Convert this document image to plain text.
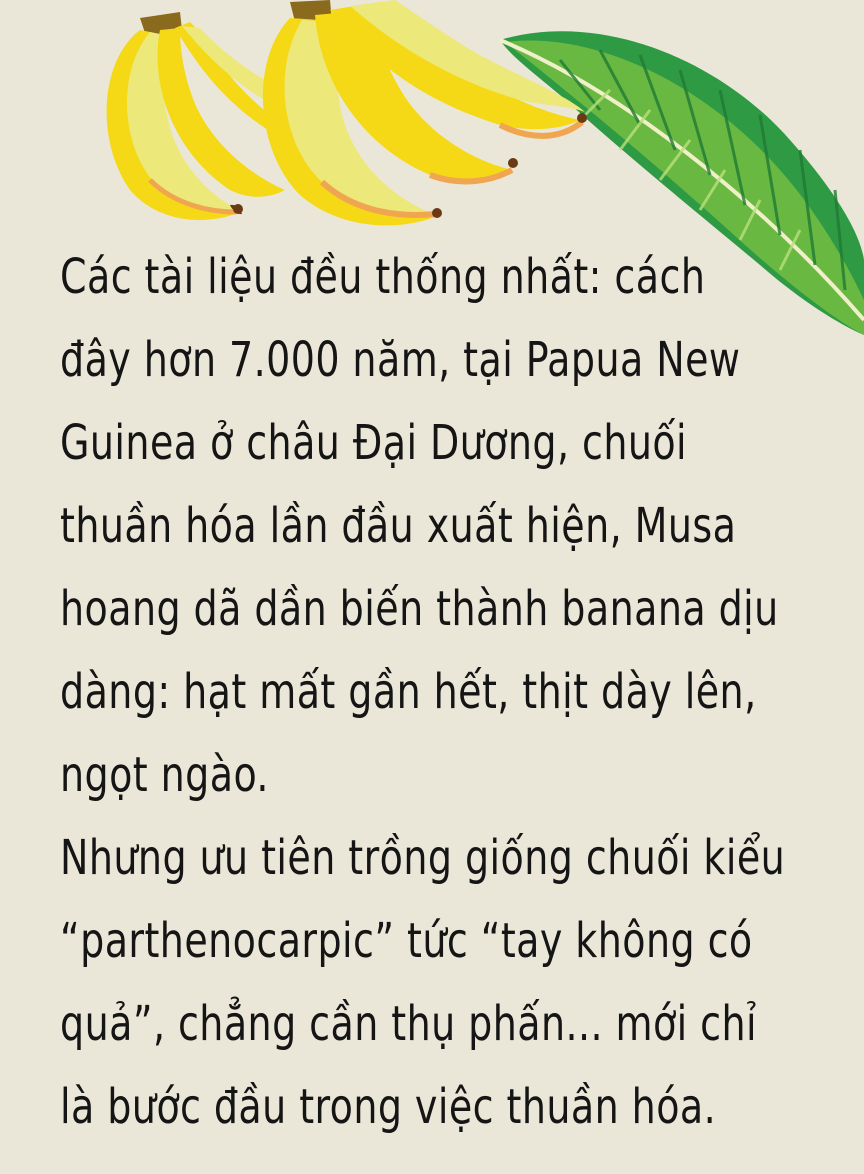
Các tài liệu đều thống nhất: cách
đây hơn 7.000 năm, tại Papua New
Guinea ở châu Đại Dương, chuối
thuần hóa lần đầu xuất hiện, Musa
hoang dã dần biến thành banana dịu
dàng: hạt mất gần hết, thịt dày lên,
ngọt ngào.

Nhưng ưu tiên trồng giống chuối kiểu
“parthenocarpic” tức “tay không có
quả”, chẳng cần thụ phấn... mới chỉ
là bước đầu trong việc thuần hóa.
